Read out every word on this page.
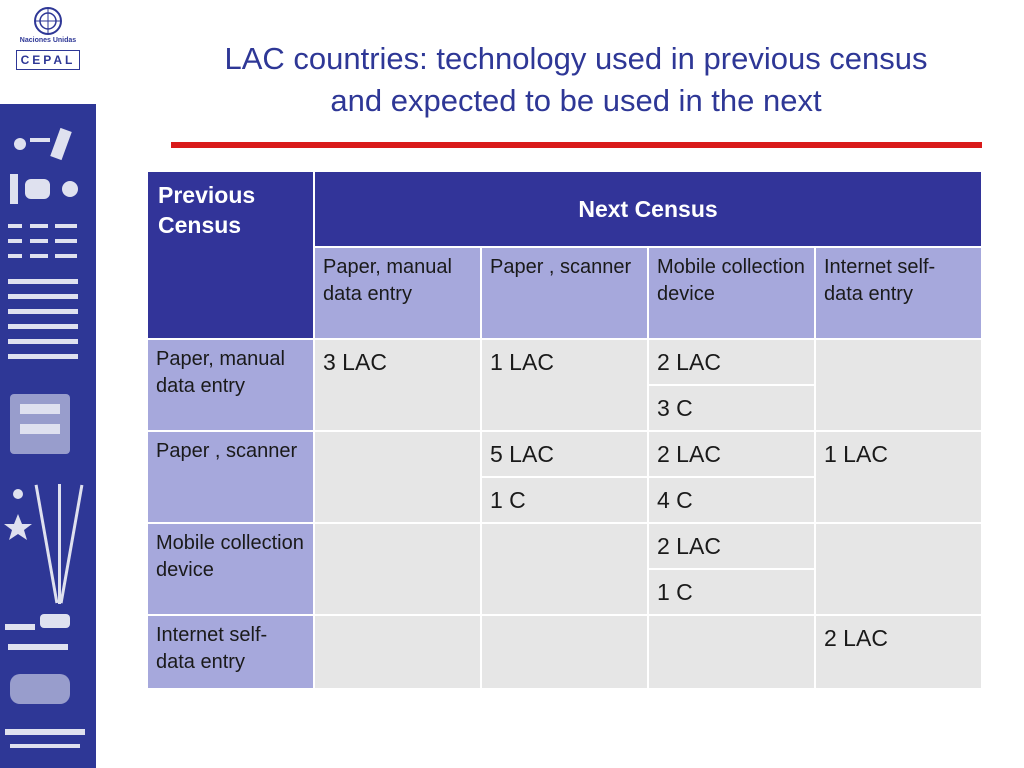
Naciones Unidas
CEPAL	LAC countries: technology used in previous census
and expected to be used in the next
Previous Census	Next Census			
	Paper, manual data entry	Paper , scanner	Mobile collection device	Internet self-data entry
Paper, manual data entry	3 LAC	1 LAC	2 LAC	
			3 C	
Paper , scanner		5 LAC	2 LAC	1 LAC
		1 C	4 C	
Mobile collection device			2 LAC	
			1 C	
Internet self-data entry				2 LAC
